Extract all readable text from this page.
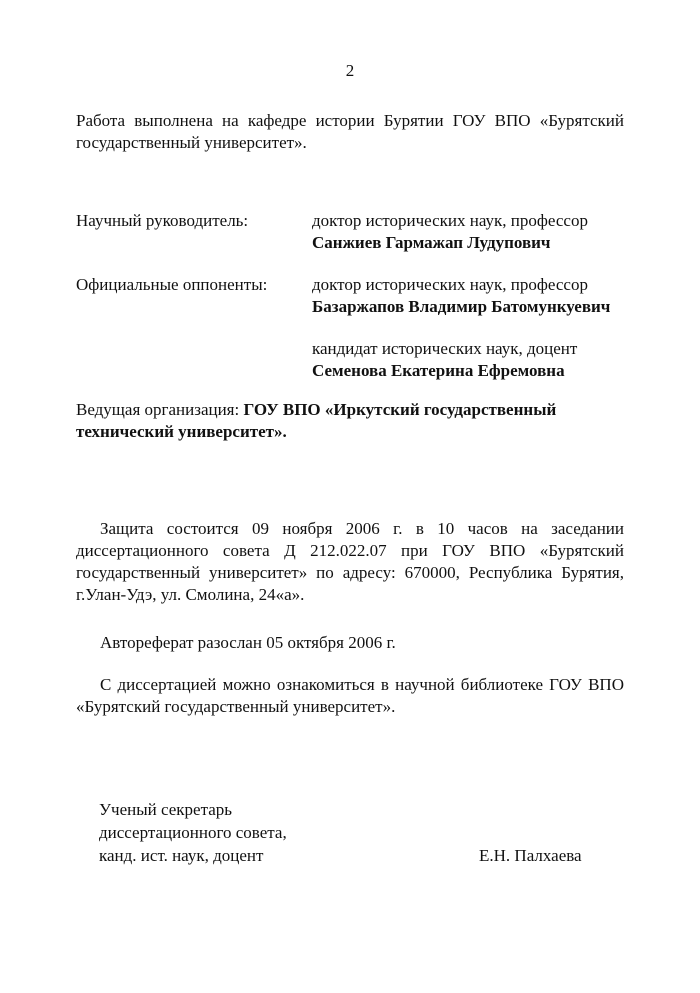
2

Работа выполнена на кафедре истории Бурятии ГОУ ВПО «Бурятский государственный университет».

Научный руководитель:	доктор исторических наук, профессор
Санжиев Гармажап Лудупович
Официальные оппоненты:	доктор исторических наук, профессор
Базаржапов Владимир Батомункуевич
кандидат исторических наук, доцент
Семенова Екатерина Ефремовна

Ведущая организация: ГОУ ВПО «Иркутский государственный технический университет».

Защита состоится 09 ноября 2006 г. в 10 часов на заседании диссертационного совета Д 212.022.07 при ГОУ ВПО «Бурятский государственный университет» по адресу: 670000, Республика Бурятия, г.Улан-Удэ, ул. Смолина, 24«а».

Автореферат разослан 05 октября 2006 г.

С диссертацией можно ознакомиться в научной библиотеке ГОУ ВПО «Бурятский государственный университет».

Ученый секретарь
диссертационного совета,
канд. ист. наук, доцент	Е.Н. Палхаева
